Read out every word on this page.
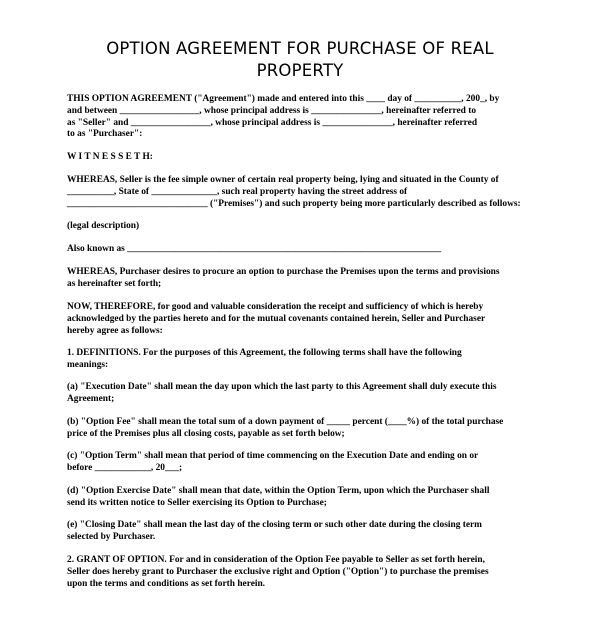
OPTION AGREEMENT FOR PURCHASE OF REAL
PROPERTY
THIS OPTION AGREEMENT ("Agreement") made and entered into this ____ day of __________, 200_, by
and between _________________, whose principal address is _______________, hereinafter referred to
as "Seller" and _________________, whose principal address is _______________, hereinafter referred
to as "Purchaser":
W I T N E S S E T H:
WHEREAS, Seller is the fee simple owner of certain real property being, lying and situated in the County of
__________, State of ______________, such real property having the street address of
______________________________ ("Premises") and such property being more particularly described as follows:
(legal description)
Also known as ___________________________________________________________________
WHEREAS, Purchaser desires to procure an option to purchase the Premises upon the terms and provisions
as hereinafter set forth;
NOW, THEREFORE, for good and valuable consideration the receipt and sufficiency of which is hereby
acknowledged by the parties hereto and for the mutual covenants contained herein, Seller and Purchaser
hereby agree as follows:
1. DEFINITIONS. For the purposes of this Agreement, the following terms shall have the following
meanings:
(a) "Execution Date" shall mean the day upon which the last party to this Agreement shall duly execute this
Agreement;
(b) "Option Fee" shall mean the total sum of a down payment of _____ percent (____%) of the total purchase
price of the Premises plus all closing costs, payable as set forth below;
(c) "Option Term" shall mean that period of time commencing on the Execution Date and ending on or
before ____________, 20___;
(d) "Option Exercise Date" shall mean that date, within the Option Term, upon which the Purchaser shall
send its written notice to Seller exercising its Option to Purchase;
(e) "Closing Date" shall mean the last day of the closing term or such other date during the closing term
selected by Purchaser.
2. GRANT OF OPTION. For and in consideration of the Option Fee payable to Seller as set forth herein,
Seller does hereby grant to Purchaser the exclusive right and Option ("Option") to purchase the premises
upon the terms and conditions as set forth herein.
